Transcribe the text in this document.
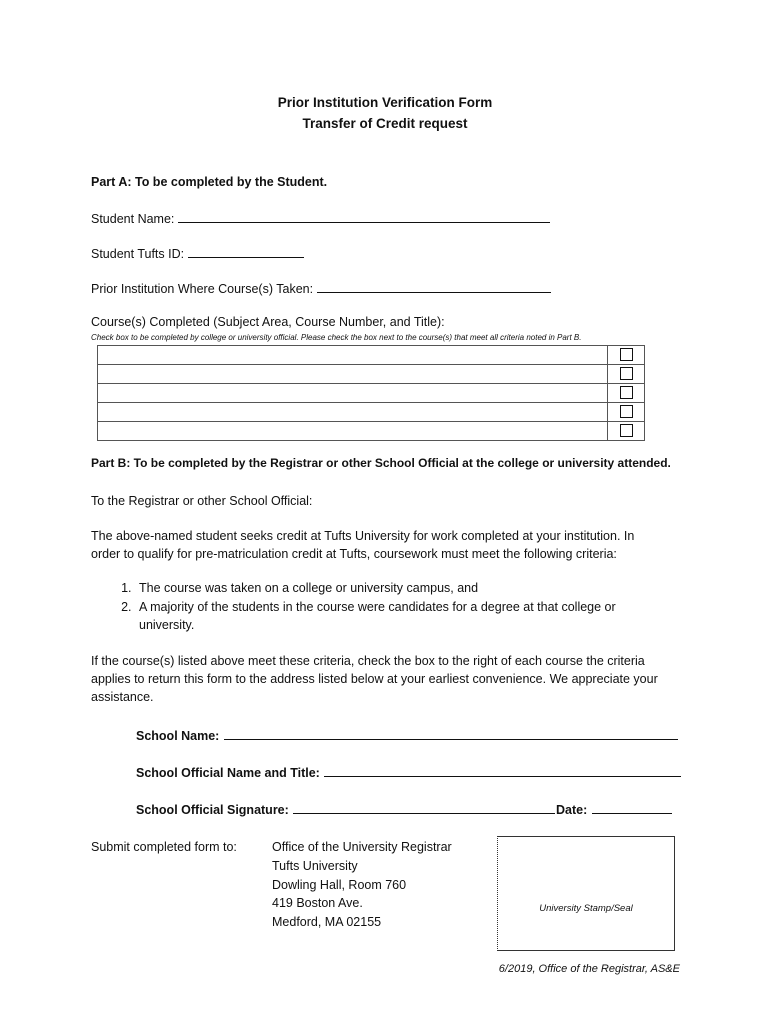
Prior Institution Verification Form
Transfer of Credit request
Part A: To be completed by the Student.
Student Name:
Student Tufts ID:
Prior Institution Where Course(s) Taken:
Course(s) Completed (Subject Area, Course Number, and Title):
Check box to be completed by college or university official. Please check the box next to the course(s) that meet all criteria noted in Part B.

Part B: To be completed by the Registrar or other School Official at the college or university attended.
To the Registrar or other School Official:
The above-named student seeks credit at Tufts University for work completed at your institution. In
order to qualify for pre-matriculation credit at Tufts, coursework must meet the following criteria:
1. The course was taken on a college or university campus, and
2. A majority of the students in the course were candidates for a degree at that college or university.
If the course(s) listed above meet these criteria, check the box to the right of each course the criteria
applies to return this form to the address listed below at your earliest convenience. We appreciate your
assistance.
School Name:
School Official Name and Title:
School Official Signature:	Date:
Submit completed form to:	Office of the University Registrar
Tufts University
Dowling Hall, Room 760
419 Boston Ave.
Medford, MA 02155
University Stamp/Seal
6/2019, Office of the Registrar, AS&E
